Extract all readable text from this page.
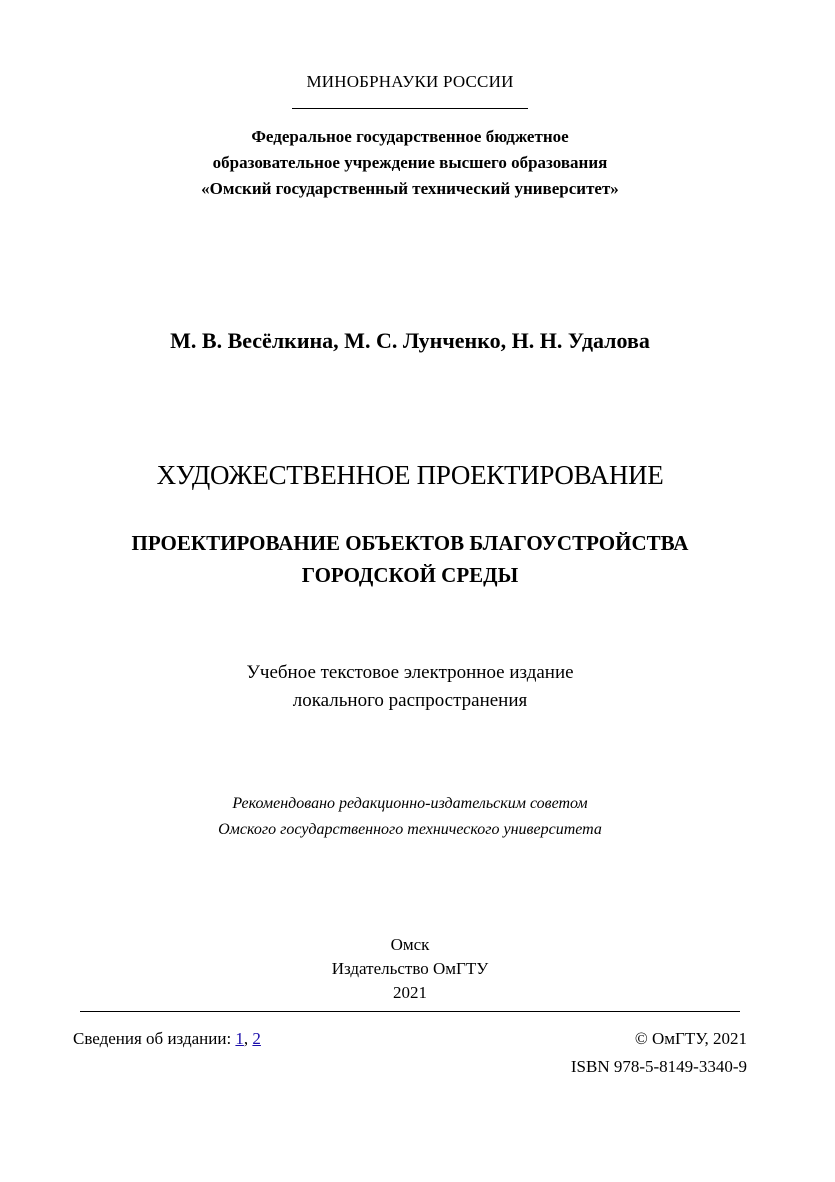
МИНОБРНАУКИ РОССИИ
Федеральное государственное бюджетное
образовательное учреждение высшего образования
«Омский государственный технический университет»
М. В. Весёлкина, М. С. Лунченко, Н. Н. Удалова
ХУДОЖЕСТВЕННОЕ ПРОЕКТИРОВАНИЕ
ПРОЕКТИРОВАНИЕ ОБЪЕКТОВ БЛАГОУСТРОЙСТВА
ГОРОДСКОЙ СРЕДЫ
Учебное текстовое электронное издание
локального распространения
Рекомендовано редакционно-издательским советом
Омского государственного технического университета
Омск
Издательство ОмГТУ
2021
Сведения об издании: 1, 2	© ОмГТУ, 2021
ISBN 978-5-8149-3340-9
